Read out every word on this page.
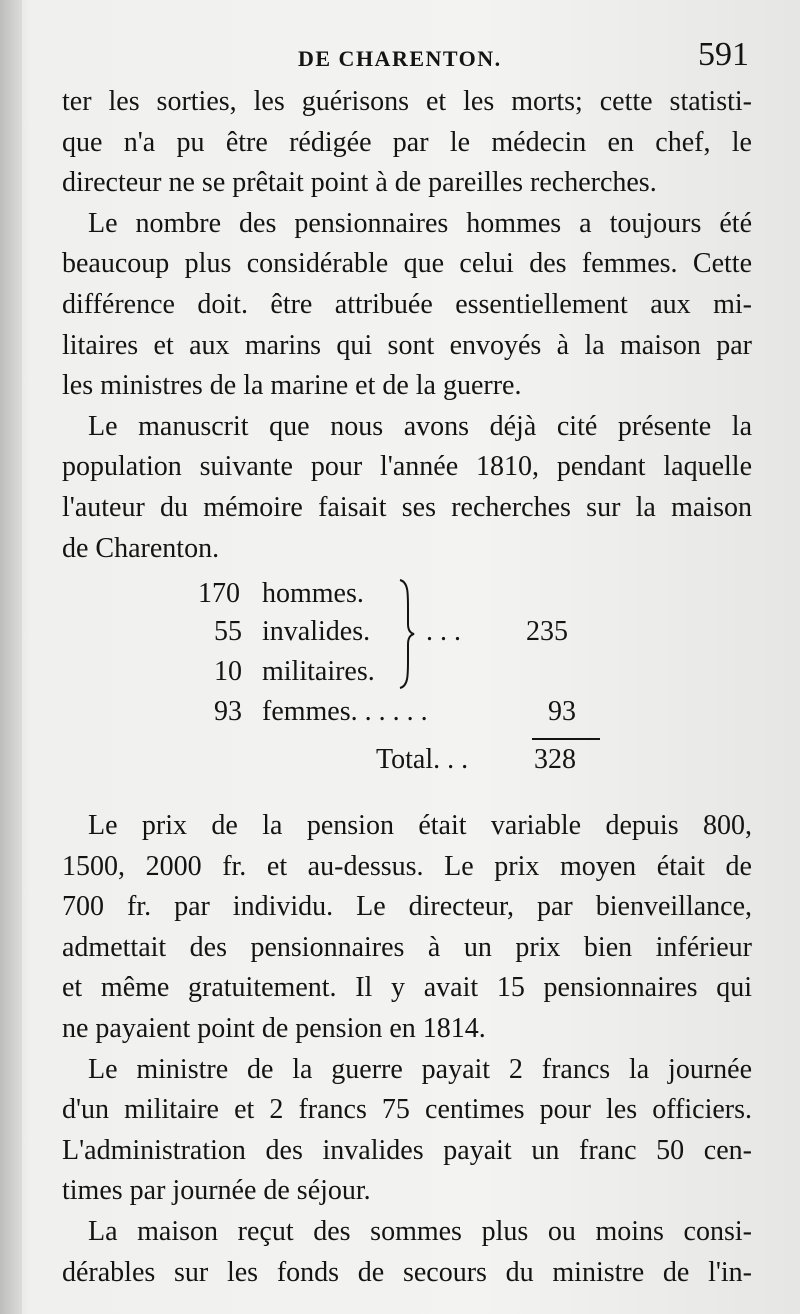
DE CHARENTON.	591
ter les sorties, les guérisons et les morts; cette statisti-
que n'a pu être rédigée par le médecin en chef, le
directeur ne se prêtait point à de pareilles recherches.
Le nombre des pensionnaires hommes a toujours été
beaucoup plus considérable que celui des femmes. Cette
différence doit. être attribuée essentiellement aux mi-
litaires et aux marins qui sont envoyés à la maison par
les ministres de la marine et de la guerre.
Le manuscrit que nous avons déjà cité présente la
population suivante pour l'année 1810, pendant laquelle
l'auteur du mémoire faisait ses recherches sur la maison
de Charenton.
170 hommes.
55 invalides.
10 militaires.
. . . 235
93 femmes. . . . . .	93
Total. . . 328
Le prix de la pension était variable depuis 800,
1500, 2000 fr. et au-dessus. Le prix moyen était de
700 fr. par individu. Le directeur, par bienveillance,
admettait des pensionnaires à un prix bien inférieur
et même gratuitement. Il y avait 15 pensionnaires qui
ne payaient point de pension en 1814.
Le ministre de la guerre payait 2 francs la journée
d'un militaire et 2 francs 75 centimes pour les officiers.
L'administration des invalides payait un franc 50 cen-
times par journée de séjour.
La maison reçut des sommes plus ou moins consi-
dérables sur les fonds de secours du ministre de l'in-
